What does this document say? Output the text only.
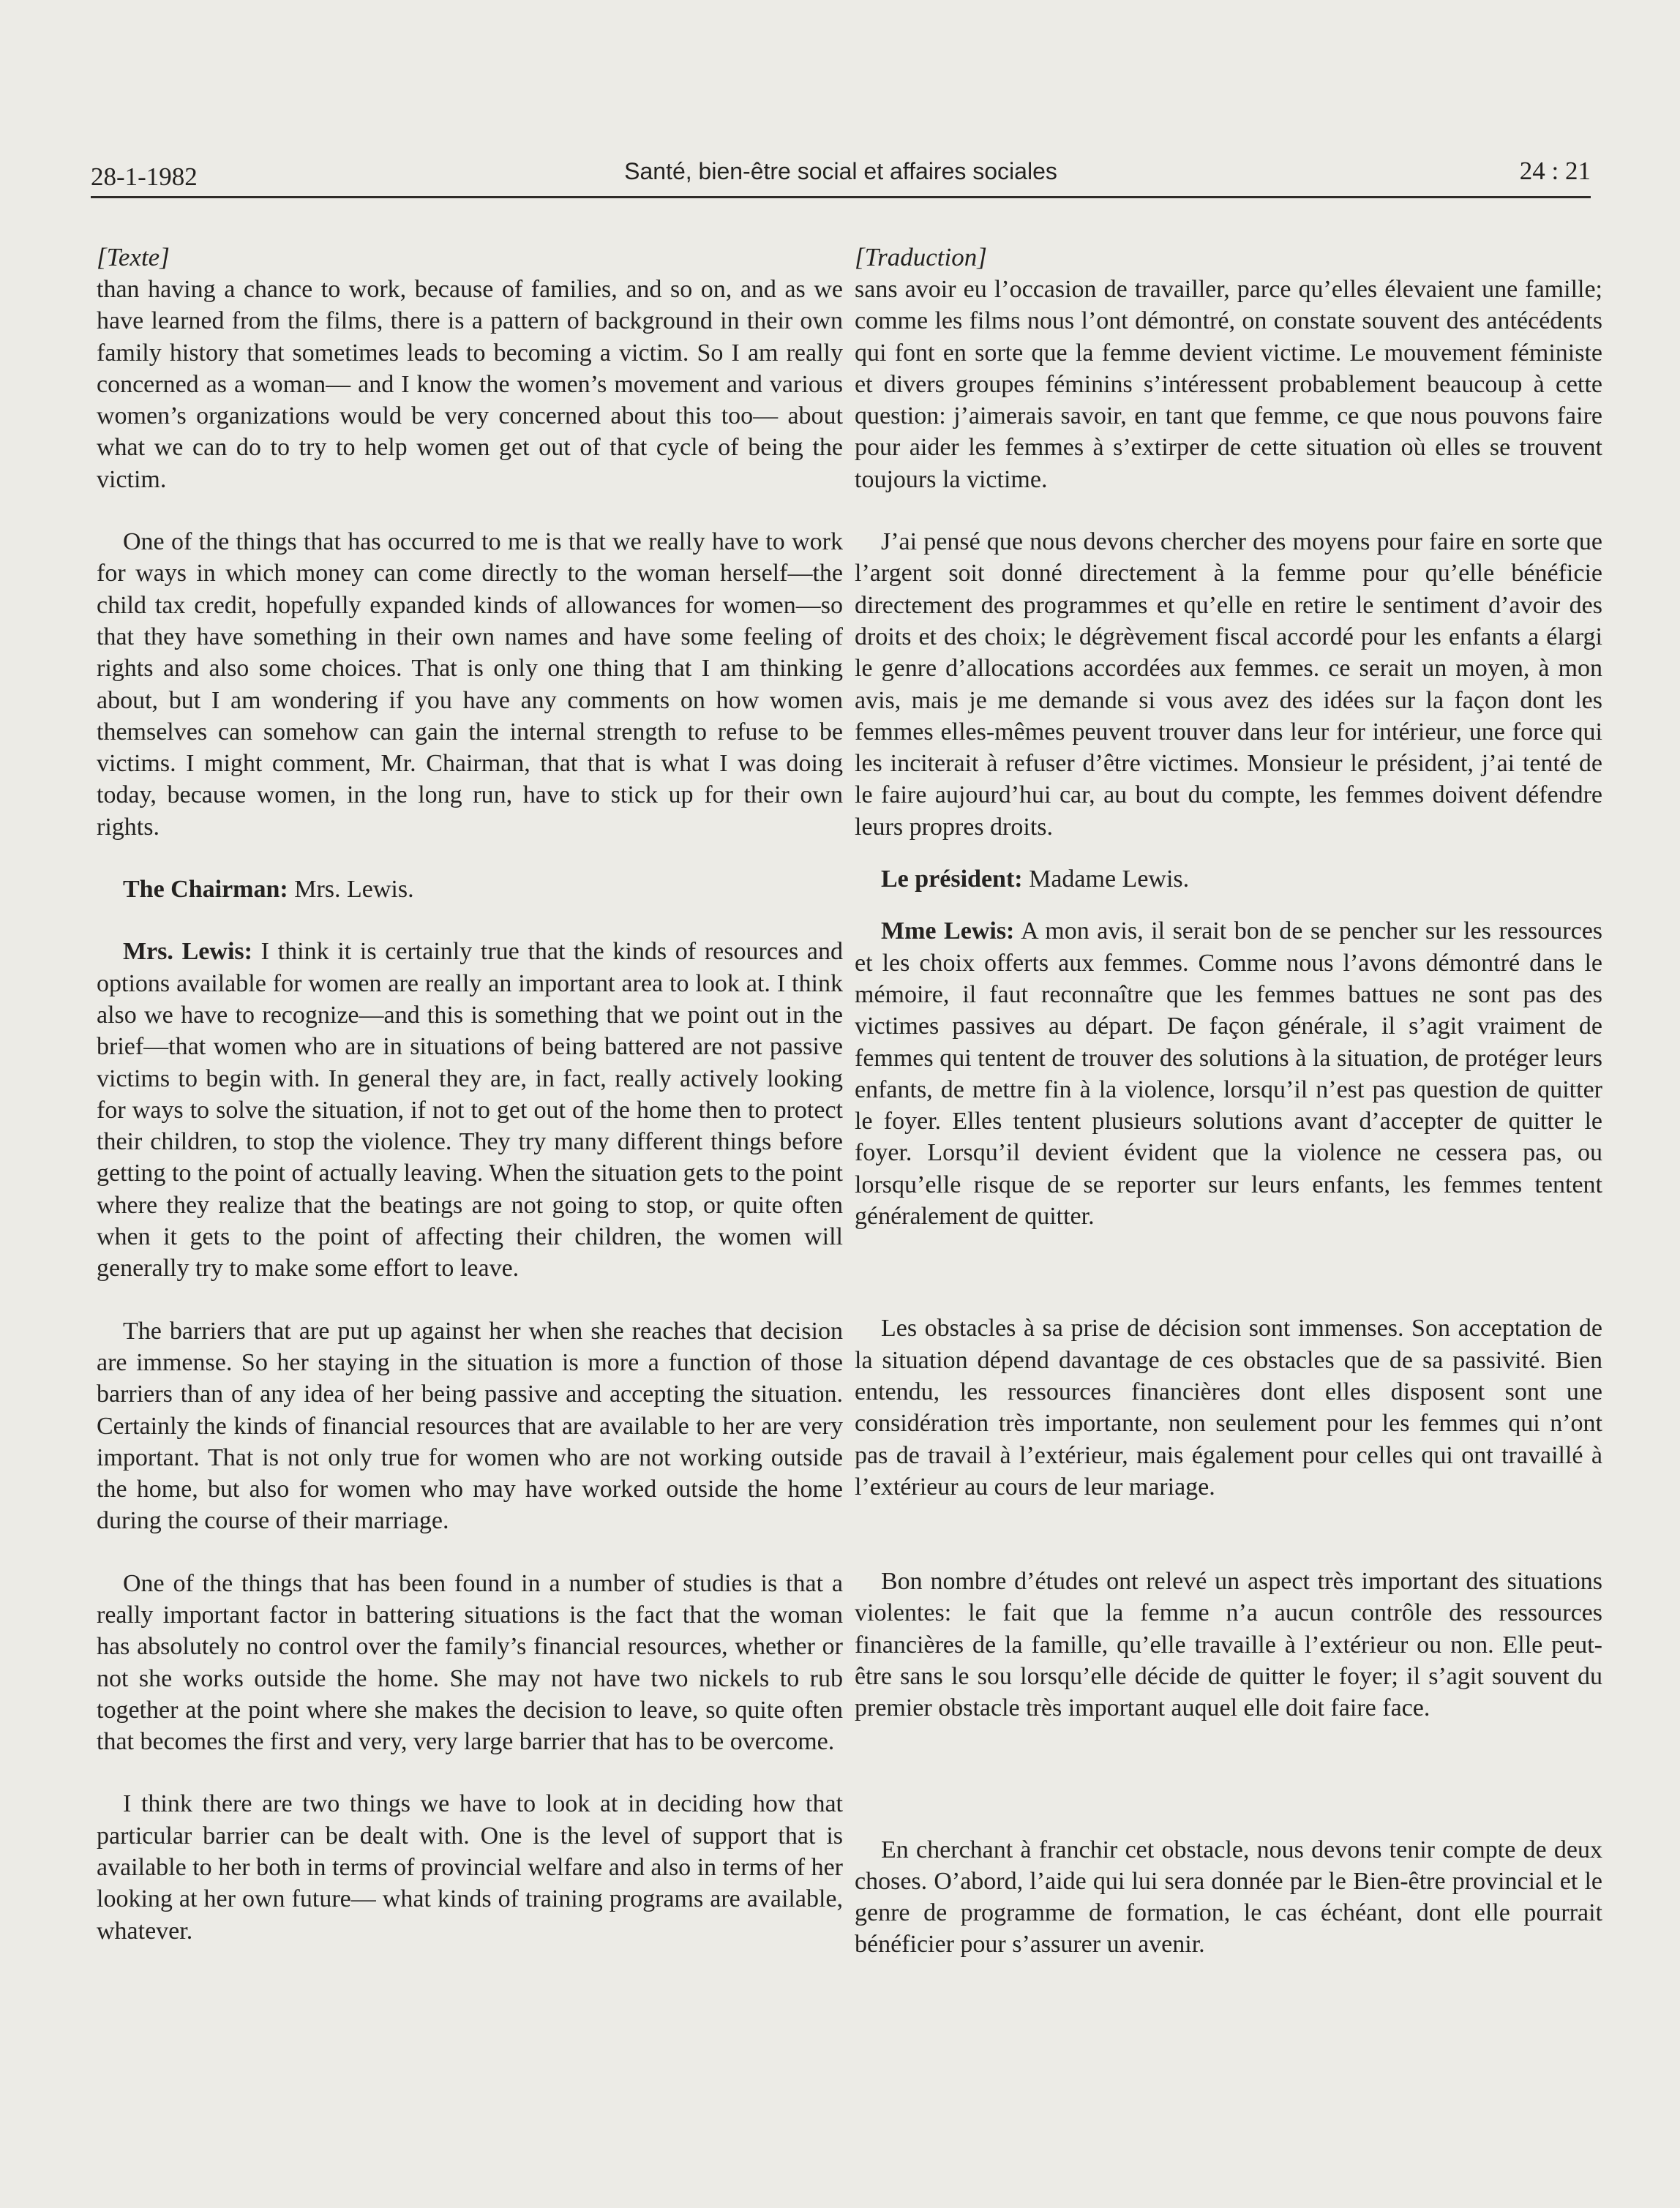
28-1-1982	Santé, bien-être social et affaires sociales	24 : 21
[Texte]

than having a chance to work, because of families, and so on, and as we have learned from the films, there is a pattern of background in their own family history that sometimes leads to becoming a victim. So I am really concerned as a woman— and I know the women’s movement and various women’s organizations would be very concerned about this too— about what we can do to try to help women get out of that cycle of being the victim.

One of the things that has occurred to me is that we really have to work for ways in which money can come directly to the woman herself—the child tax credit, hopefully expanded kinds of allowances for women—so that they have something in their own names and have some feeling of rights and also some choices. That is only one thing that I am thinking about, but I am wondering if you have any comments on how women themselves can somehow can gain the internal strength to refuse to be victims. I might comment, Mr. Chairman, that that is what I was doing today, because women, in the long run, have to stick up for their own rights.

The Chairman: Mrs. Lewis.

Mrs. Lewis: I think it is certainly true that the kinds of resources and options available for women are really an important area to look at. I think also we have to recognize—and this is something that we point out in the brief—that women who are in situations of being battered are not passive victims to begin with. In general they are, in fact, really actively looking for ways to solve the situation, if not to get out of the home then to protect their children, to stop the violence. They try many different things before getting to the point of actually leaving. When the situation gets to the point where they realize that the beatings are not going to stop, or quite often when it gets to the point of affecting their children, the women will generally try to make some effort to leave.

The barriers that are put up against her when she reaches that decision are immense. So her staying in the situation is more a function of those barriers than of any idea of her being passive and accepting the situation. Certainly the kinds of financial resources that are available to her are very important. That is not only true for women who are not working outside the home, but also for women who may have worked outside the home during the course of their marriage.

One of the things that has been found in a number of studies is that a really important factor in battering situations is the fact that the woman has absolutely no control over the family’s financial resources, whether or not she works outside the home. She may not have two nickels to rub together at the point where she makes the decision to leave, so quite often that becomes the first and very, very large barrier that has to be overcome.

I think there are two things we have to look at in deciding how that particular barrier can be dealt with. One is the level of support that is available to her both in terms of provincial welfare and also in terms of her looking at her own future— what kinds of training programs are available, whatever.

[Traduction]

sans avoir eu l’occasion de travailler, parce qu’elles élevaient une famille; comme les films nous l’ont démontré, on constate souvent des antécédents qui font en sorte que la femme devient victime. Le mouvement féministe et divers groupes féminins s’intéressent probablement beaucoup à cette question: j’aimerais savoir, en tant que femme, ce que nous pouvons faire pour aider les femmes à s’extirper de cette situation où elles se trouvent toujours la victime.

J’ai pensé que nous devons chercher des moyens pour faire en sorte que l’argent soit donné directement à la femme pour qu’elle bénéficie directement des programmes et qu’elle en retire le sentiment d’avoir des droits et des choix; le dégrèvement fiscal accordé pour les enfants a élargi le genre d’allocations accordées aux femmes. ce serait un moyen, à mon avis, mais je me demande si vous avez des idées sur la façon dont les femmes elles-mêmes peuvent trouver dans leur for intérieur, une force qui les inciterait à refuser d’être victimes. Monsieur le président, j’ai tenté de le faire aujourd’hui car, au bout du compte, les femmes doivent défendre leurs propres droits.

Le président: Madame Lewis.

Mme Lewis: A mon avis, il serait bon de se pencher sur les ressources et les choix offerts aux femmes. Comme nous l’avons démontré dans le mémoire, il faut reconnaître que les femmes battues ne sont pas des victimes passives au départ. De façon générale, il s’agit vraiment de femmes qui tentent de trouver des solutions à la situation, de protéger leurs enfants, de mettre fin à la violence, lorsqu’il n’est pas question de quitter le foyer. Elles tentent plusieurs solutions avant d’accepter de quitter le foyer. Lorsqu’il devient évident que la violence ne cessera pas, ou lorsqu’elle risque de se reporter sur leurs enfants, les femmes tentent généralement de quitter.

Les obstacles à sa prise de décision sont immenses. Son acceptation de la situation dépend davantage de ces obstacles que de sa passivité. Bien entendu, les ressources financières dont elles disposent sont une considération très importante, non seulement pour les femmes qui n’ont pas de travail à l’extérieur, mais également pour celles qui ont travaillé à l’extérieur au cours de leur mariage.

Bon nombre d’études ont relevé un aspect très important des situations violentes: le fait que la femme n’a aucun contrôle des ressources financières de la famille, qu’elle travaille à l’extérieur ou non. Elle peut-être sans le sou lorsqu’elle décide de quitter le foyer; il s’agit souvent du premier obstacle très important auquel elle doit faire face.

En cherchant à franchir cet obstacle, nous devons tenir compte de deux choses. O’abord, l’aide qui lui sera donnée par le Bien-être provincial et le genre de programme de formation, le cas échéant, dont elle pourrait bénéficier pour s’assurer un avenir.
